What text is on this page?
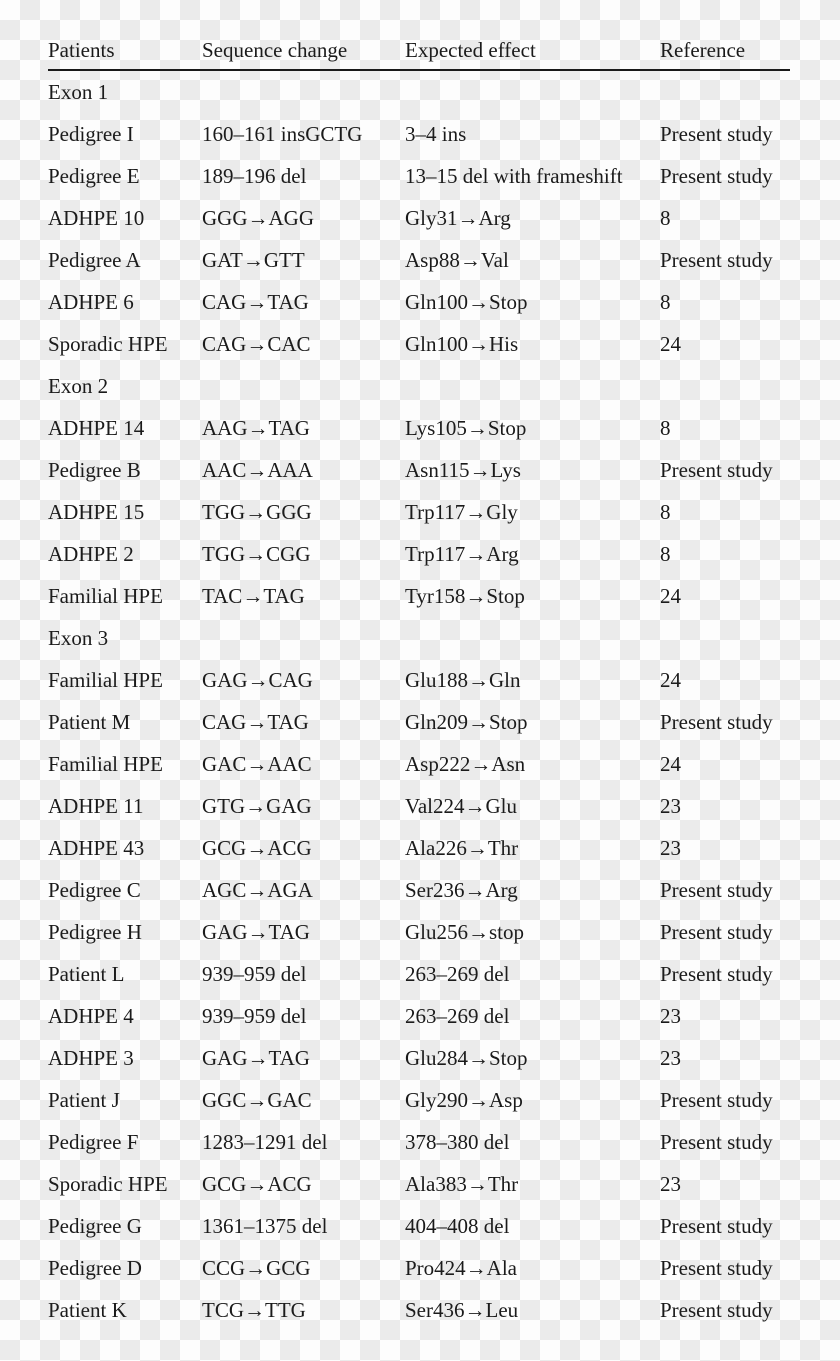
Patients	Sequence change	Expected effect	Reference
Exon 1
Pedigree I	160–161 insGCTG	3–4 ins	Present study
Pedigree E	189–196 del	13–15 del with frameshift	Present study
ADHPE 10	GGG→AGG	Gly31→Arg	8
Pedigree A	GAT→GTT	Asp88→Val	Present study
ADHPE 6	CAG→TAG	Gln100→Stop	8
Sporadic HPE	CAG→CAC	Gln100→His	24
Exon 2
ADHPE 14	AAG→TAG	Lys105→Stop	8
Pedigree B	AAC→AAA	Asn115→Lys	Present study
ADHPE 15	TGG→GGG	Trp117→Gly	8
ADHPE 2	TGG→CGG	Trp117→Arg	8
Familial HPE	TAC→TAG	Tyr158→Stop	24
Exon 3
Familial HPE	GAG→CAG	Glu188→Gln	24
Patient M	CAG→TAG	Gln209→Stop	Present study
Familial HPE	GAC→AAC	Asp222→Asn	24
ADHPE 11	GTG→GAG	Val224→Glu	23
ADHPE 43	GCG→ACG	Ala226→Thr	23
Pedigree C	AGC→AGA	Ser236→Arg	Present study
Pedigree H	GAG→TAG	Glu256→stop	Present study
Patient L	939–959 del	263–269 del	Present study
ADHPE 4	939–959 del	263–269 del	23
ADHPE 3	GAG→TAG	Glu284→Stop	23
Patient J	GGC→GAC	Gly290→Asp	Present study
Pedigree F	1283–1291 del	378–380 del	Present study
Sporadic HPE	GCG→ACG	Ala383→Thr	23
Pedigree G	1361–1375 del	404–408 del	Present study
Pedigree D	CCG→GCG	Pro424→Ala	Present study
Patient K	TCG→TTG	Ser436→Leu	Present study
